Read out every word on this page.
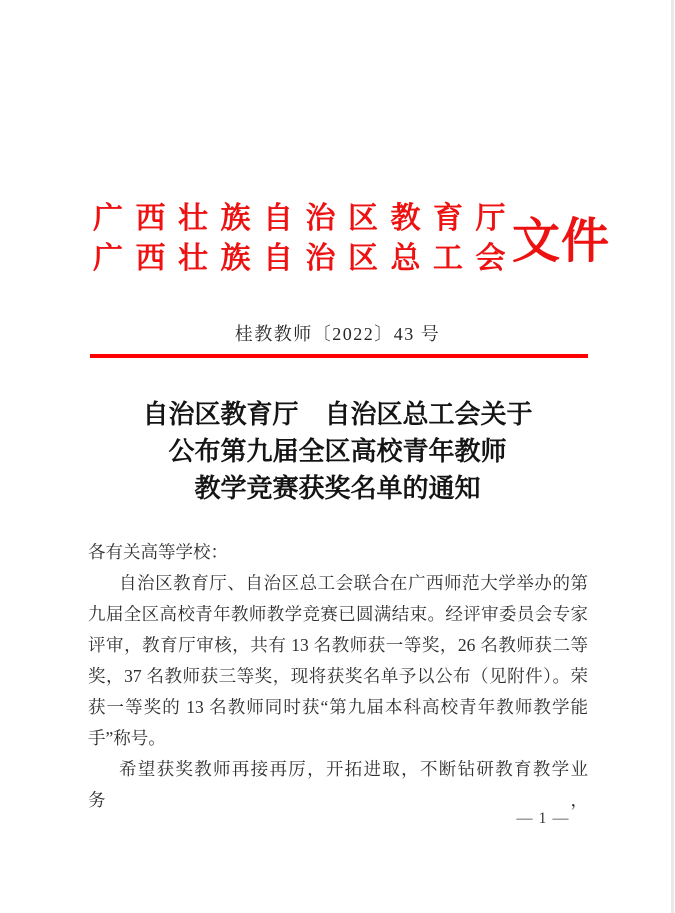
广西壮族自治区教育厅
广西壮族自治区总工会
文件
桂教教师〔2022〕43 号
自治区教育厅　自治区总工会关于
公布第九届全区高校青年教师
教学竞赛获奖名单的通知
各有关高等学校：
自治区教育厅、自治区总工会联合在广西师范大学举办的第
九届全区高校青年教师教学竞赛已圆满结束。经评审委员会专家
评审，教育厅审核，共有 13 名教师获一等奖，26 名教师获二等
奖，37 名教师获三等奖，现将获奖名单予以公布（见附件）。荣
获一等奖的 13 名教师同时获“第九届本科高校青年教师教学能
手”称号。
希望获奖教师再接再厉，开拓进取，不断钻研教育教学业务，
— 1 —
